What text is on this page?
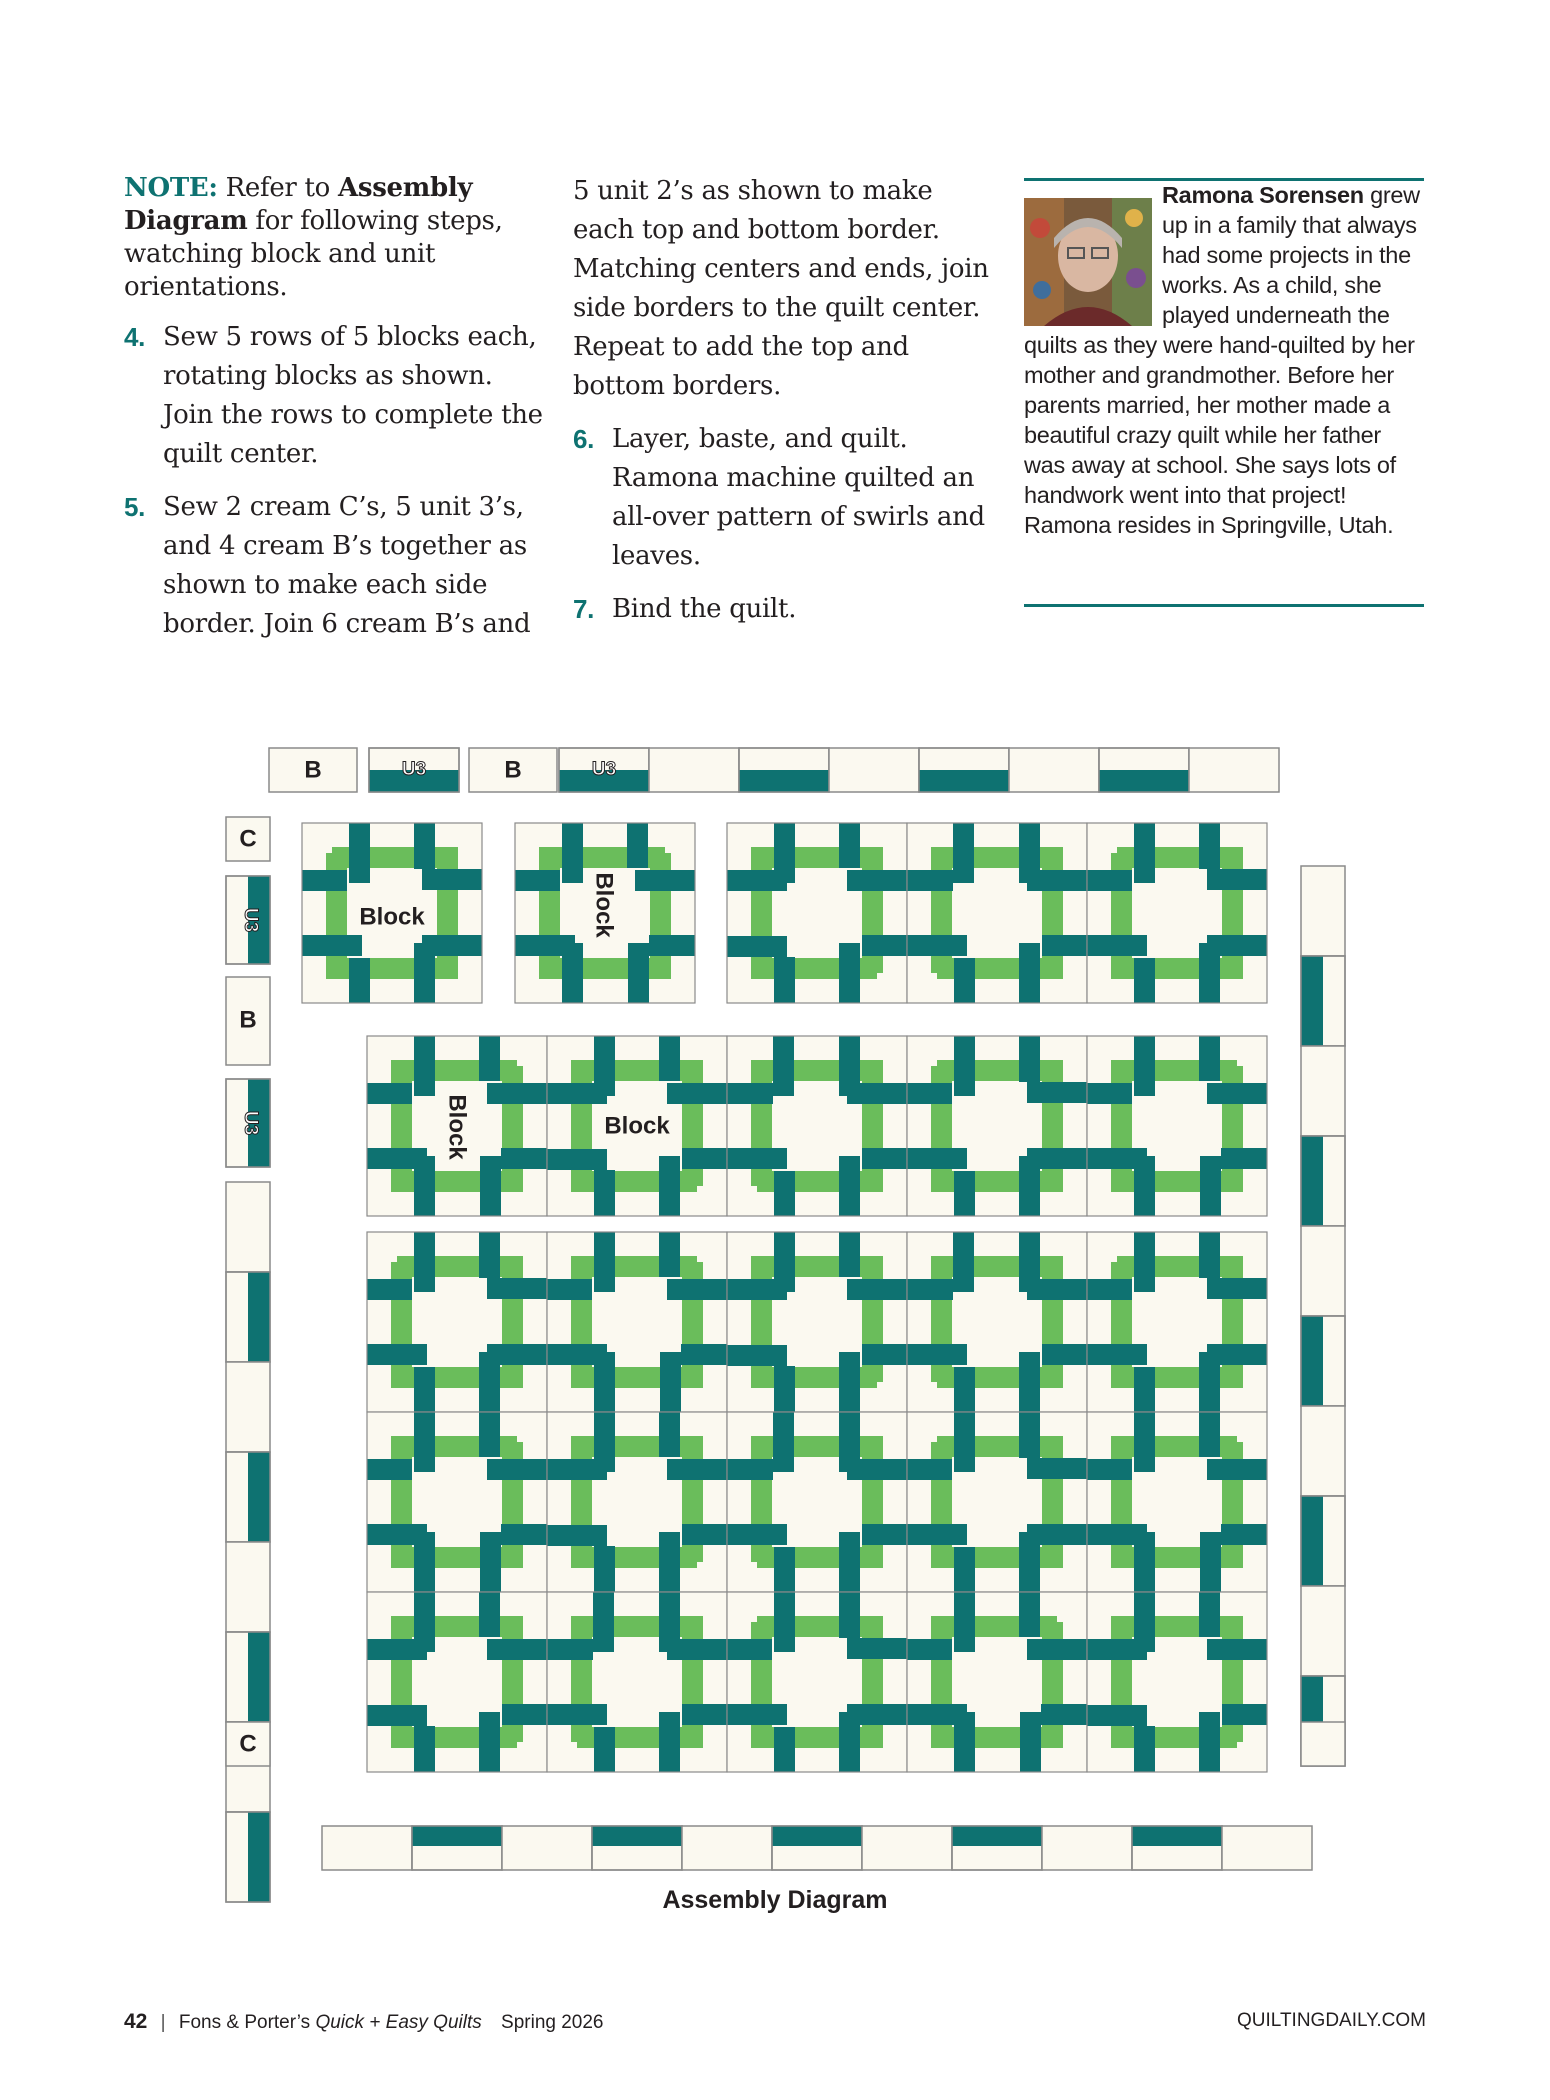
NOTE: Refer to Assembly Diagram for following steps, watching block and unit orientations.

4. Sew 5 rows of 5 blocks each, rotating blocks as shown. Join the rows to complete the quilt center.
5. Sew 2 cream C’s, 5 unit 3’s, and 4 cream B’s together as shown to make each side border. Join 6 cream B’s and

5 unit 2’s as shown to make each top and bottom border. Matching centers and ends, join side borders to the quilt center. Repeat to add the top and bottom borders.

6. Layer, baste, and quilt. Ramona machine quilted an all-over pattern of swirls and leaves.
7. Bind the quilt.
Ramona Sorensen grew up in a family that always had some projects in the works. As a child, she played underneath the quilts as they were hand-quilted by her mother and grandmother. Before her parents married, her mother made a beautiful crazy quilt while her father was away at school. She says lots of handwork went into that project! Ramona resides in Springville, Utah.
Block	Block
Block	Block
B	B
U3	U3
C
U3
B
U3
C
Assembly Diagram
42 | Fons & Porter’s Quick + Easy Quilts Spring 2026	QUILTINGDAILY.COM
